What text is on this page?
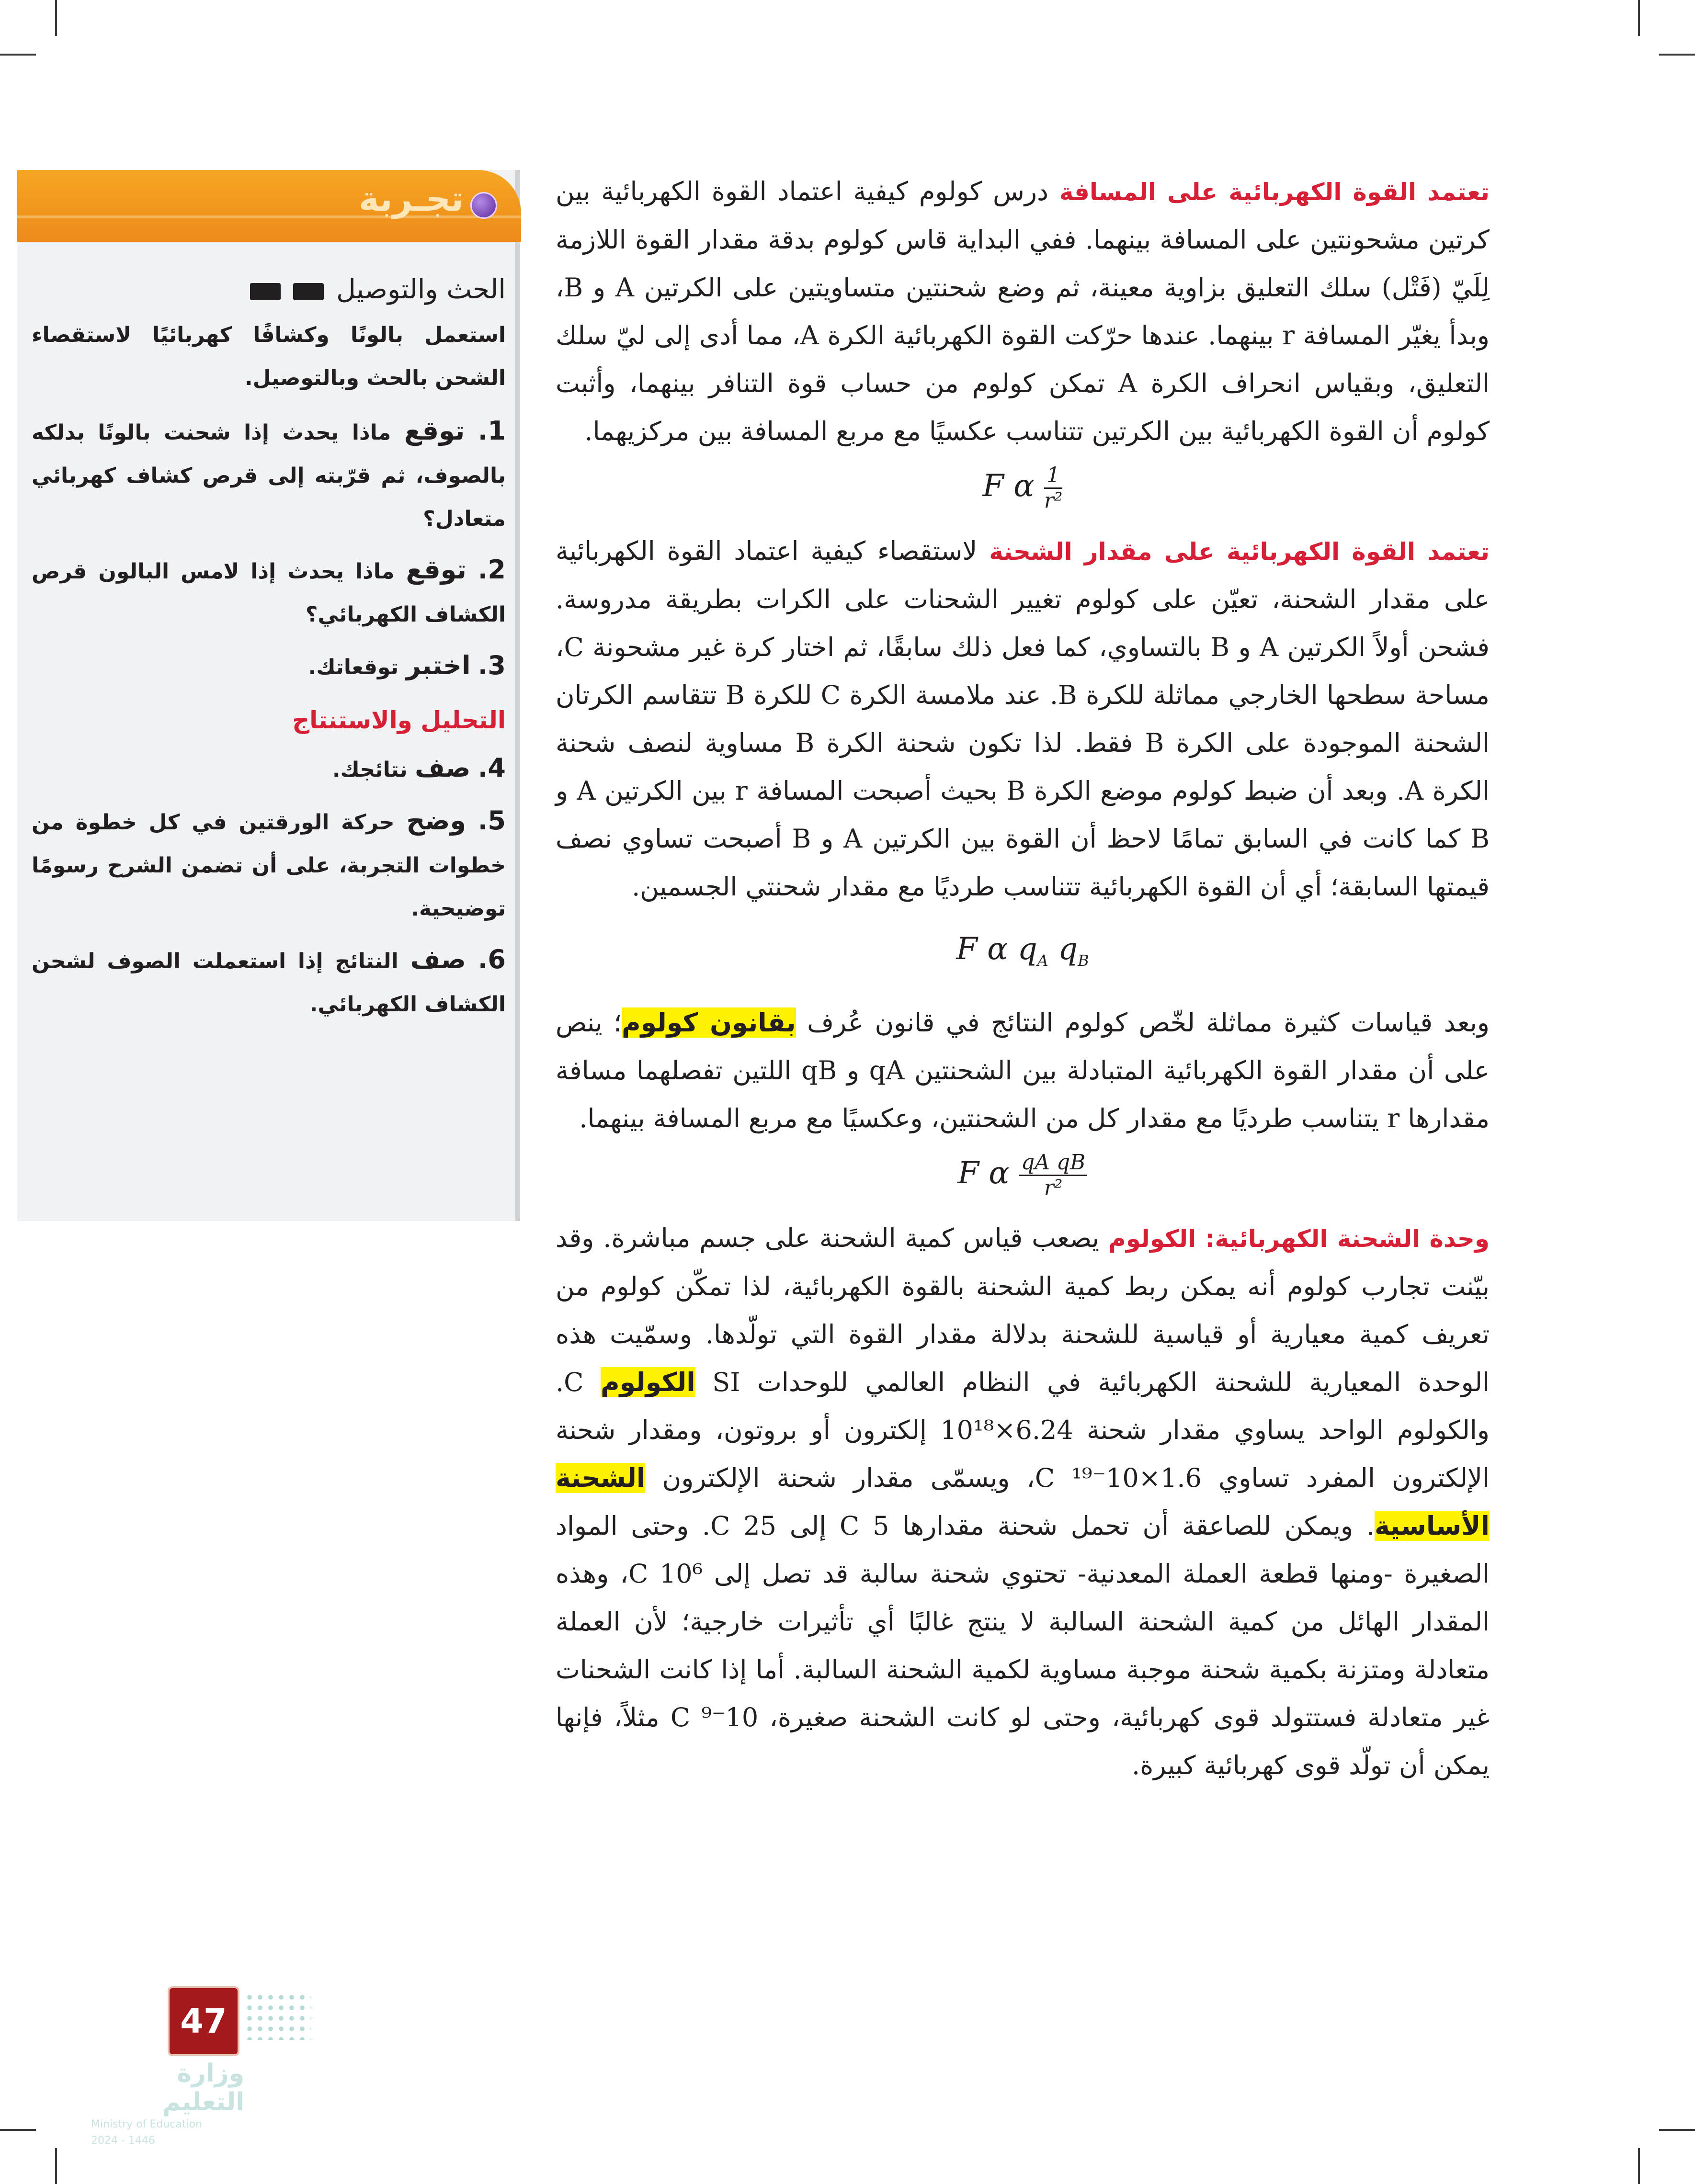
تجـربة
الحث والتوصيل
استعمل بالونًا وكشافًا كهربائيًا لاستقصاء الشحن بالحث وبالتوصيل.
1. توقع ماذا يحدث إذا شحنت بالونًا بدلكه بالصوف، ثم قرّبته إلى قرص كشاف كهربائي متعادل؟
2. توقع ماذا يحدث إذا لامس البالون قرص الكشاف الكهربائي؟
3. اختبر توقعاتك.
التحليل والاستنتاج
4. صف نتائجك.
5. وضح حركة الورقتين في كل خطوة من خطوات التجربة، على أن تضمن الشرح رسومًا توضيحية.
6. صف النتائج إذا استعملت الصوف لشحن الكشاف الكهربائي.

تعتمد القوة الكهربائية على المسافة درس كولوم كيفية اعتماد القوة الكهربائية بين كرتين مشحونتين على المسافة بينهما. ففي البداية قاس كولوم بدقة مقدار القوة اللازمة لِلَيّ (فَتْل) سلك التعليق بزاوية معينة، ثم وضع شحنتين متساويتين على الكرتين A و B، وبدأ يغيّر المسافة r بينهما. عندها حرّكت القوة الكهربائية الكرة A، مما أدى إلى ليّ سلك التعليق، وبقياس انحراف الكرة A تمكن كولوم من حساب قوة التنافر بينهما، وأثبت كولوم أن القوة الكهربائية بين الكرتين تتناسب عكسيًا مع مربع المسافة بين مركزيهما.

F α $\frac{1}{\text{r²}}$

تعتمد القوة الكهربائية على مقدار الشحنة لاستقصاء كيفية اعتماد القوة الكهربائية على مقدار الشحنة، تعيّن على كولوم تغيير الشحنات على الكرات بطريقة مدروسة. فشحن أولاً الكرتين A و B بالتساوي، كما فعل ذلك سابقًا، ثم اختار كرة غير مشحونة C، مساحة سطحها الخارجي مماثلة للكرة B. عند ملامسة الكرة C للكرة B تتقاسم الكرتان الشحنة الموجودة على الكرة B فقط. لذا تكون شحنة الكرة B مساوية لنصف شحنة الكرة A. وبعد أن ضبط كولوم موضع الكرة B بحيث أصبحت المسافة r بين الكرتين A و B كما كانت في السابق تمامًا لاحظ أن القوة بين الكرتين A و B أصبحت تساوي نصف قيمتها السابقة؛ أي أن القوة الكهربائية تتناسب طرديًا مع مقدار شحنتي الجسمين.

F α $q_A$ $q_B$

وبعد قياسات كثيرة مماثلة لخّص كولوم النتائج في قانون عُرف بقانون كولوم؛ ينص على أن مقدار القوة الكهربائية المتبادلة بين الشحنتين qA و qB اللتين تفصلهما مسافة مقدارها r يتناسب طرديًا مع مقدار كل من الشحنتين، وعكسيًا مع مربع المسافة بينهما.

F α $\frac{\text{qA qB}}{\text{r²}}$

وحدة الشحنة الكهربائية: الكولوم يصعب قياس كمية الشحنة على جسم مباشرة. وقد بيّنت تجارب كولوم أنه يمكن ربط كمية الشحنة بالقوة الكهربائية، لذا تمكّن كولوم من تعريف كمية معيارية أو قياسية للشحنة بدلالة مقدار القوة التي تولّدها. وسمّيت هذه الوحدة المعيارية للشحنة الكهربائية في النظام العالمي للوحدات SI الكولوم C. والكولوم الواحد يساوي مقدار شحنة 6.24×10¹⁸ إلكترون أو بروتون، ومقدار شحنة الإلكترون المفرد تساوي 1.6×10⁻¹⁹ C، ويسمّى مقدار شحنة الإلكترون الشحنة الأساسية. ويمكن للصاعقة أن تحمل شحنة مقدارها 5 C إلى 25 C. وحتى المواد الصغيرة -ومنها قطعة العملة المعدنية- تحتوي شحنة سالبة قد تصل إلى 10⁶ C، وهذه المقدار الهائل من كمية الشحنة السالبة لا ينتج غالبًا أي تأثيرات خارجية؛ لأن العملة متعادلة ومتزنة بكمية شحنة موجبة مساوية لكمية الشحنة السالبة. أما إذا كانت الشحنات غير متعادلة فستتولد قوى كهربائية، وحتى لو كانت الشحنة صغيرة، 10⁻⁹ C مثلاً، فإنها يمكن أن تولّد قوى كهربائية كبيرة.

47
وزارة التعليم
Ministry of Education
2024 - 1446
